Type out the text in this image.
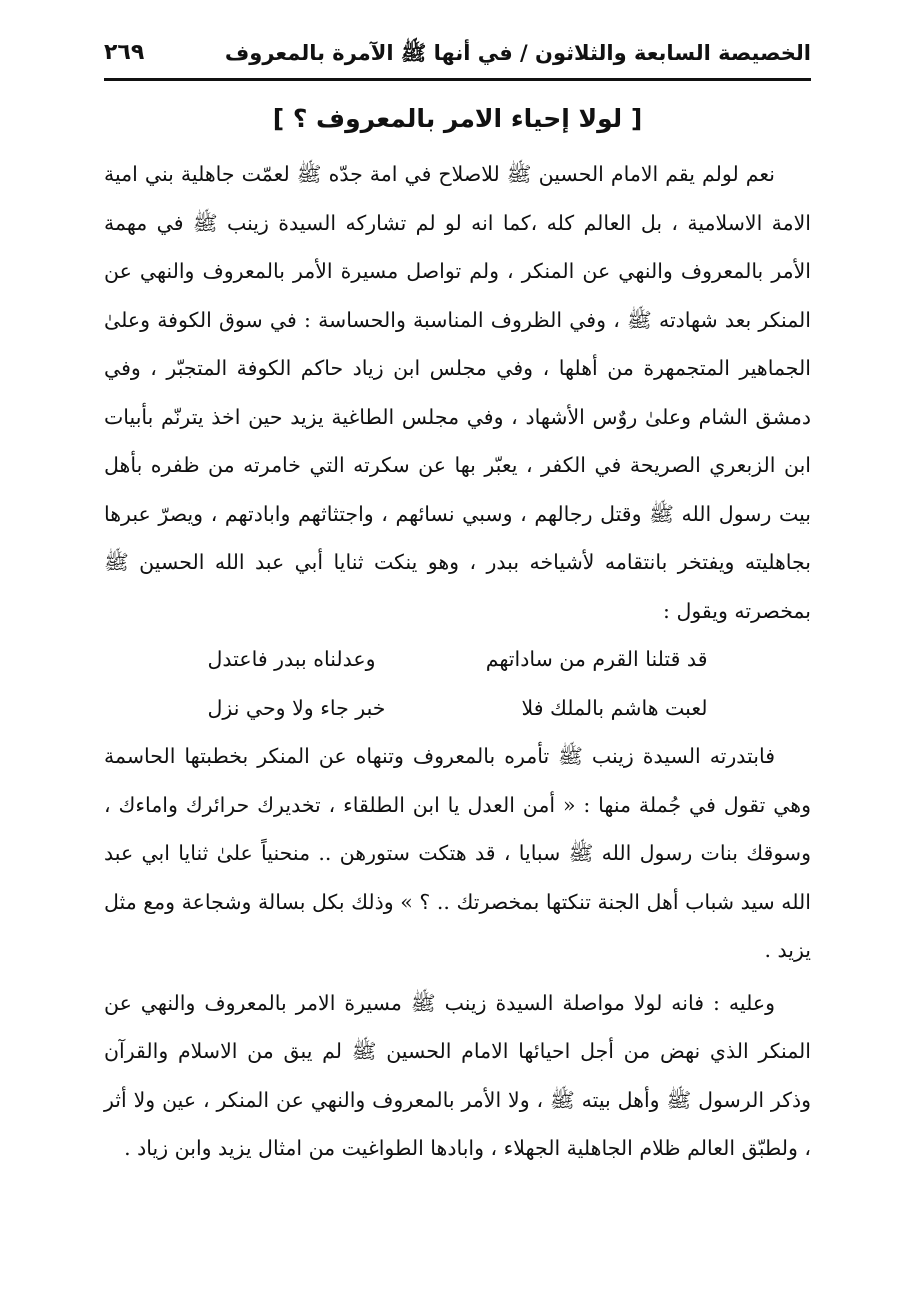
الخصيصة السابعة والثلاثون / في أنها ﷺ الآمرة بالمعروف
٢٦٩
[ لولا إحياء الامر بالمعروف ؟ ]

نعم لولم يقم الامام الحسين ﷺ للاصلاح في امة جدّه ﷺ لعمّت جاهلية بني امية الامة الاسلامية ، بل العالم كله ،كما انه لو لم تشاركه السيدة زينب ﷺ في مهمة الأمر بالمعروف والنهي عن المنكر ، ولم تواصل مسيرة الأمر بالمعروف والنهي عن المنكر بعد شهادته ﷺ ، وفي الظروف المناسبة والحساسة : في سوق الكوفة وعلىٰ الجماهير المتجمهرة من أهلها ، وفي مجلس ابن زياد حاكم الكوفة المتجبّر ، وفي دمشق الشام وعلىٰ روٌس الأشهاد ، وفي مجلس الطاغية يزيد حين اخذ يترنّم بأبيات ابن الزبعري الصريحة في الكفر ، يعبّر بها عن سكرته التي خامرته من ظفره بأهل بيت رسول الله ﷺ وقتل رجالهم ، وسبي نسائهم ، واجتثاثهم وابادتهم ، ويصرّ عبرها بجاهليته ويفتخر بانتقامه لأشياخه ببدر ، وهو ينكت ثنايا أبي عبد الله الحسين ﷺ بمخصرته ويقول :

قد قتلنا القرم من ساداتهم
وعدلناه ببدر فاعتدل
لعبت هاشم بالملك فلا
خبر جاء ولا وحي نزل

فابتدرته السيدة زينب ﷺ تأمره بالمعروف وتنهاه عن المنكر بخطبتها الحاسمة وهي تقول في جُملة منها : « أمن العدل يا ابن الطلقاء ، تخديرك حرائرك واماءك ، وسوقك بنات رسول الله ﷺ سبايا ، قد هتكت ستورهن .. منحنياً علىٰ ثنايا ابي عبد الله سيد شباب أهل الجنة تنكتها بمخصرتك .. ؟ » وذلك بكل بسالة وشجاعة ومع مثل يزيد .

وعليه : فانه لولا مواصلة السيدة زينب ﷺ مسيرة الامر بالمعروف والنهي عن المنكر الذي نهض من أجل احيائها الامام الحسين ﷺ لم يبق من الاسلام والقرآن وذكر الرسول ﷺ وأهل بيته ﷺ ، ولا الأمر بالمعروف والنهي عن المنكر ، عين ولا أثر ، ولطبّق العالم ظلام الجاهلية الجهلاء ، وابادها الطواغيت من امثال يزيد وابن زياد .
